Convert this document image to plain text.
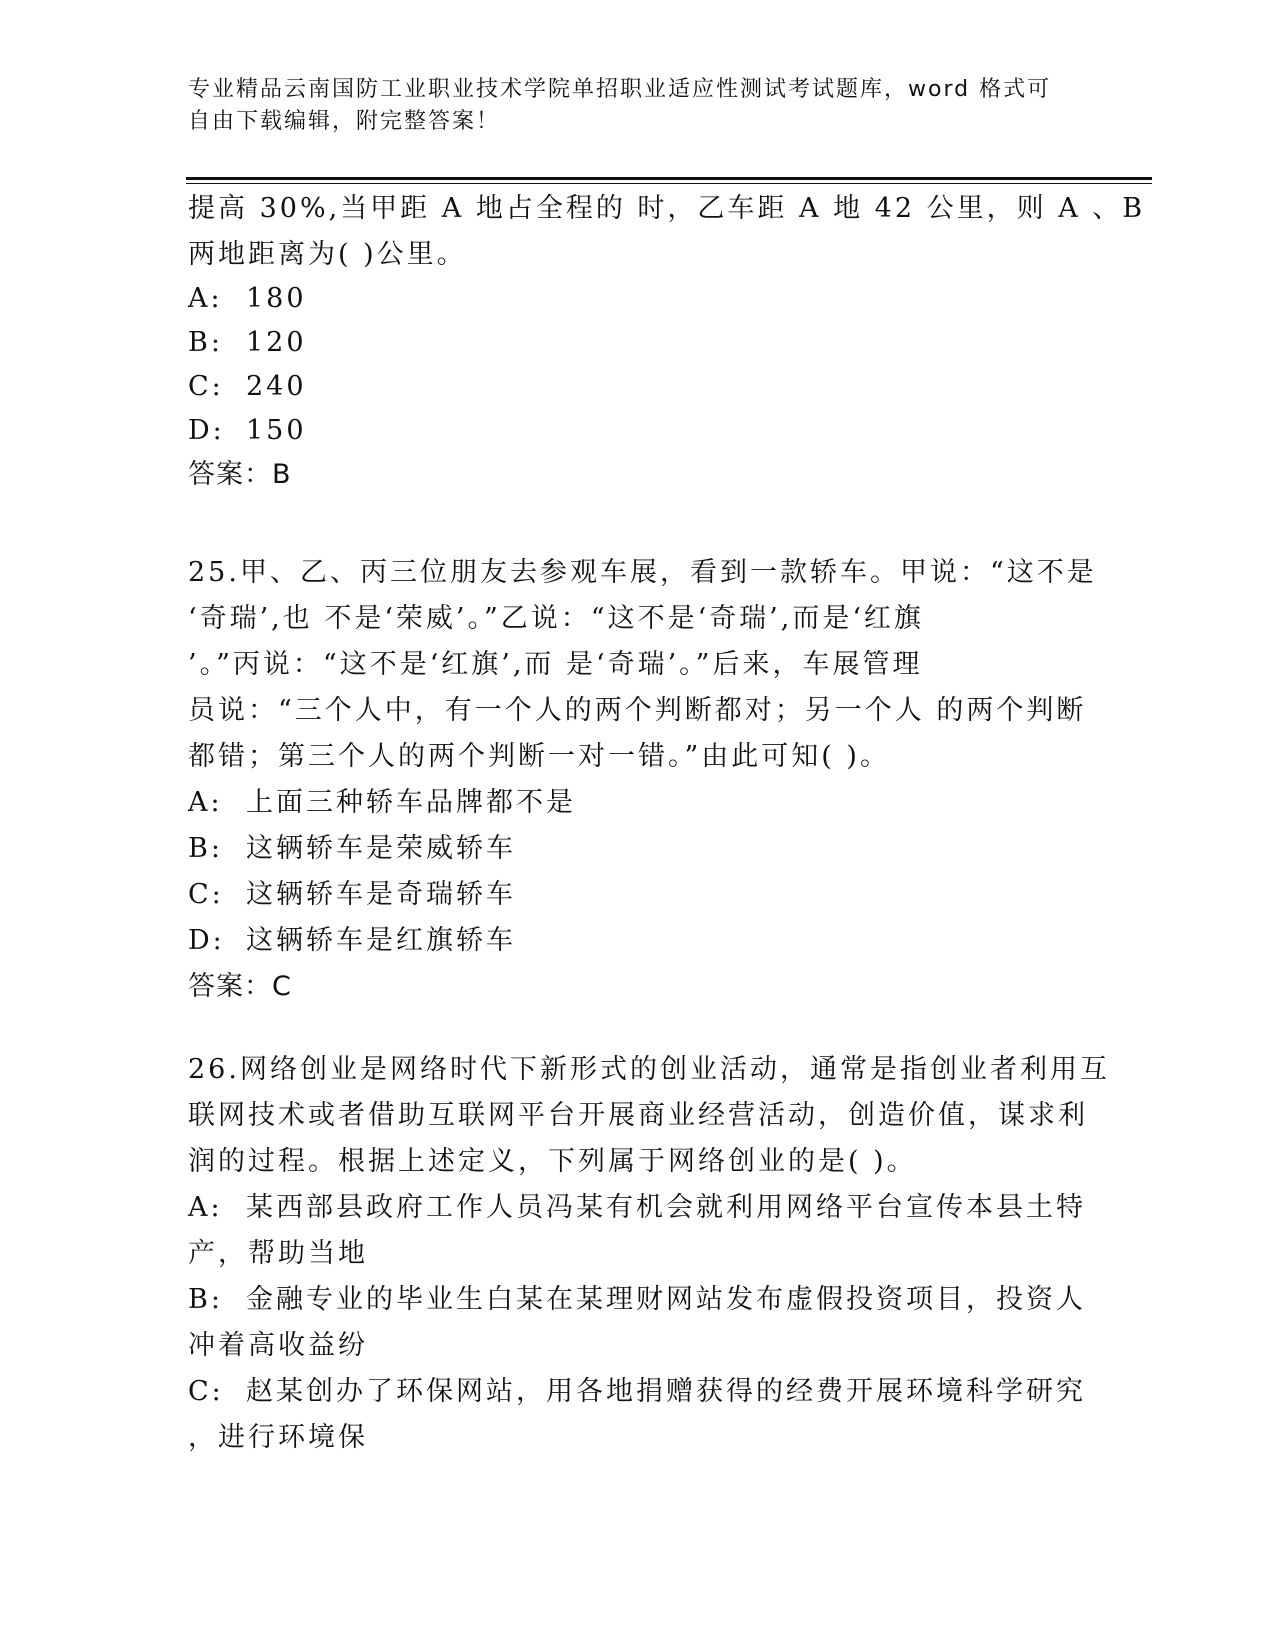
专业精品云南国防工业职业技术学院单招职业适应性测试考试题库，word 格式可
自由下载编辑，附完整答案！
提高 30%,当甲距 A 地占全程的 时，乙车距 A 地 42 公里，则 A 、B
两地距离为( )公里。
A: 180
B: 120
C: 240
D: 150
答案：B
25.甲、乙、丙三位朋友去参观车展，看到一款轿车。甲说：“这不是
‘奇瑞’,也 不是‘荣威’。”乙说：“这不是‘奇瑞’,而是‘红旗
’。”丙说：“这不是‘红旗’,而 是‘奇瑞’。”后来，车展管理
员说：“三个人中，有一个人的两个判断都对；另一个人 的两个判断
都错；第三个人的两个判断一对一错。”由此可知( )。
A: 上面三种轿车品牌都不是
B: 这辆轿车是荣威轿车
C: 这辆轿车是奇瑞轿车
D: 这辆轿车是红旗轿车
答案：C
26.网络创业是网络时代下新形式的创业活动，通常是指创业者利用互
联网技术或者借助互联网平台开展商业经营活动，创造价值，谋求利
润的过程。根据上述定义，下列属于网络创业的是( )。
A: 某西部县政府工作人员冯某有机会就利用网络平台宣传本县土特
产，帮助当地
B: 金融专业的毕业生白某在某理财网站发布虚假投资项目，投资人
冲着高收益纷
C: 赵某创办了环保网站，用各地捐赠获得的经费开展环境科学研究
，进行环境保
